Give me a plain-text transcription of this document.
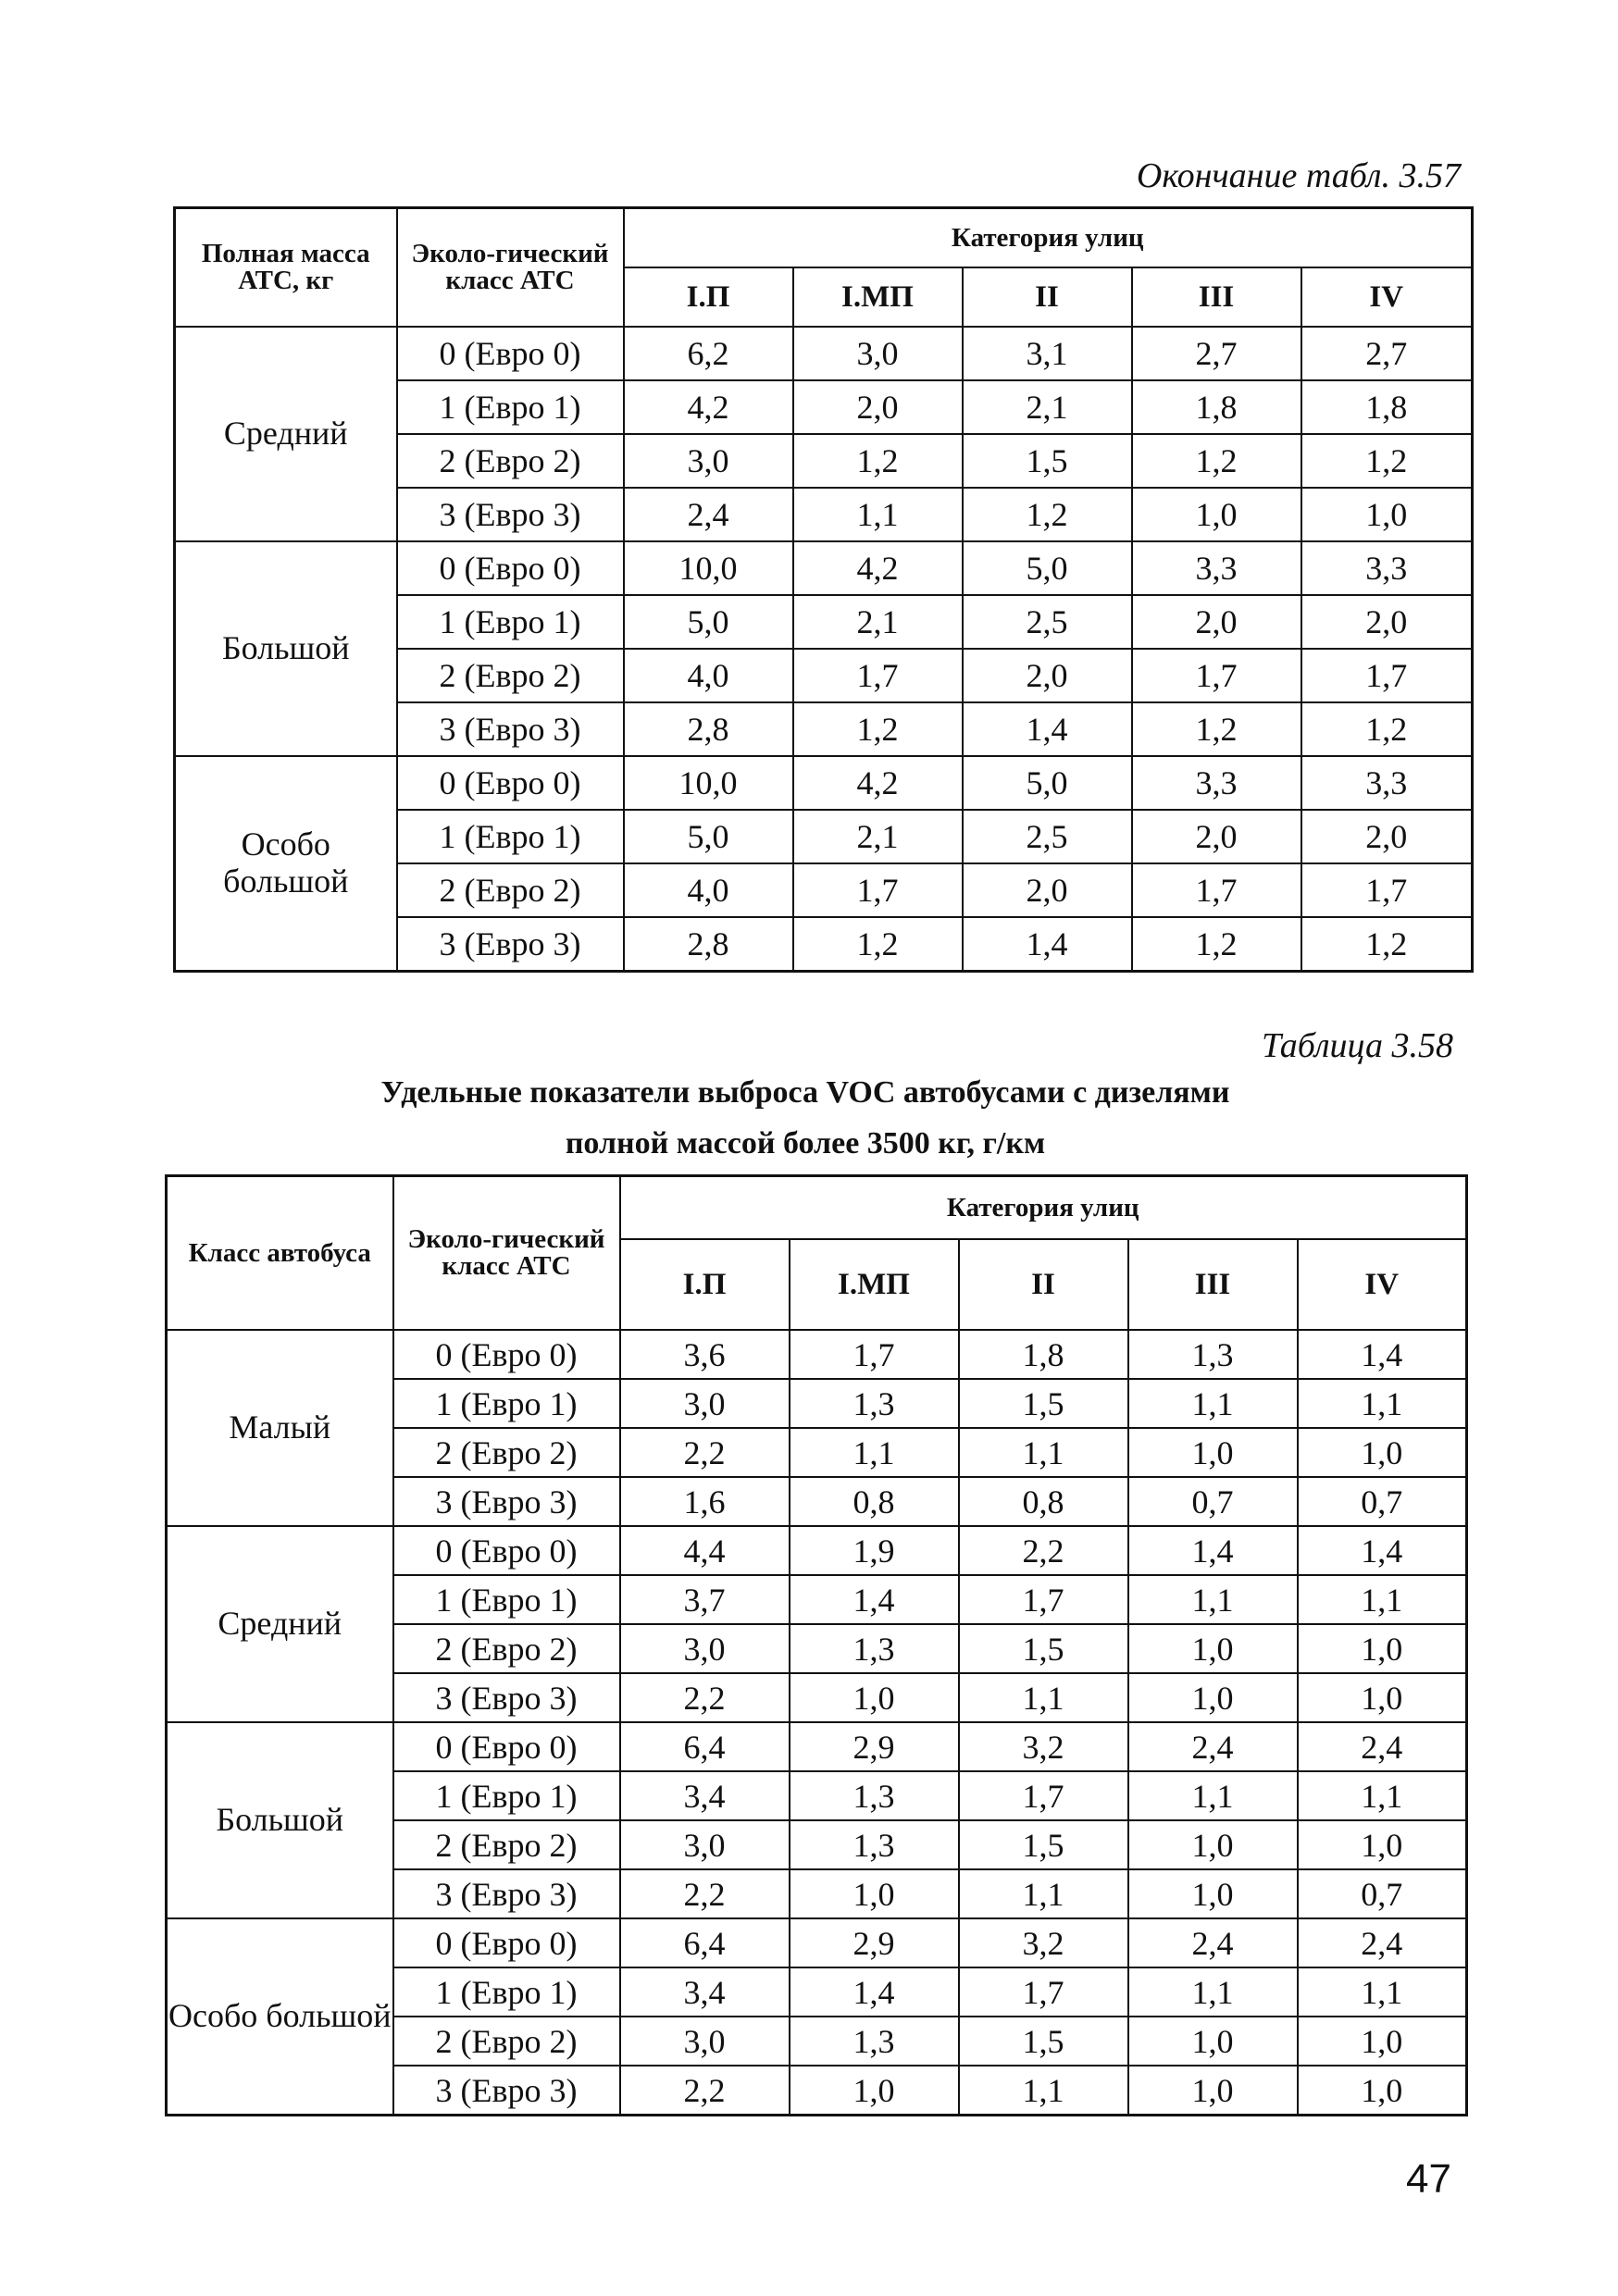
Окончание табл. 3.57
Полная масса АТС, кг	Эколо-гический класс АТС	Категория улиц				
		I.П	I.МП	II	III	IV
Средний	0 (Евро 0)	6,2	3,0	3,1	2,7	2,7
	1 (Евро 1)	4,2	2,0	2,1	1,8	1,8
	2 (Евро 2)	3,0	1,2	1,5	1,2	1,2
	3 (Евро 3)	2,4	1,1	1,2	1,0	1,0
Большой	0 (Евро 0)	10,0	4,2	5,0	3,3	3,3
	1 (Евро 1)	5,0	2,1	2,5	2,0	2,0
	2 (Евро 2)	4,0	1,7	2,0	1,7	1,7
	3 (Евро 3)	2,8	1,2	1,4	1,2	1,2
Особо большой	0 (Евро 0)	10,0	4,2	5,0	3,3	3,3
	1 (Евро 1)	5,0	2,1	2,5	2,0	2,0
	2 (Евро 2)	4,0	1,7	2,0	1,7	1,7
	3 (Евро 3)	2,8	1,2	1,4	1,2	1,2
Таблица 3.58
Удельные показатели выброса VOC автобусами с дизелями
полной массой более 3500 кг, г/км
Класс автобуса	Эколо-гический класс АТС	Категория улиц				
		I.П	I.МП	II	III	IV
Малый	0 (Евро 0)	3,6	1,7	1,8	1,3	1,4
	1 (Евро 1)	3,0	1,3	1,5	1,1	1,1
	2 (Евро 2)	2,2	1,1	1,1	1,0	1,0
	3 (Евро 3)	1,6	0,8	0,8	0,7	0,7
Средний	0 (Евро 0)	4,4	1,9	2,2	1,4	1,4
	1 (Евро 1)	3,7	1,4	1,7	1,1	1,1
	2 (Евро 2)	3,0	1,3	1,5	1,0	1,0
	3 (Евро 3)	2,2	1,0	1,1	1,0	1,0
Большой	0 (Евро 0)	6,4	2,9	3,2	2,4	2,4
	1 (Евро 1)	3,4	1,3	1,7	1,1	1,1
	2 (Евро 2)	3,0	1,3	1,5	1,0	1,0
	3 (Евро 3)	2,2	1,0	1,1	1,0	0,7
Особо большой	0 (Евро 0)	6,4	2,9	3,2	2,4	2,4
	1 (Евро 1)	3,4	1,4	1,7	1,1	1,1
	2 (Евро 2)	3,0	1,3	1,5	1,0	1,0
	3 (Евро 3)	2,2	1,0	1,1	1,0	1,0
47
